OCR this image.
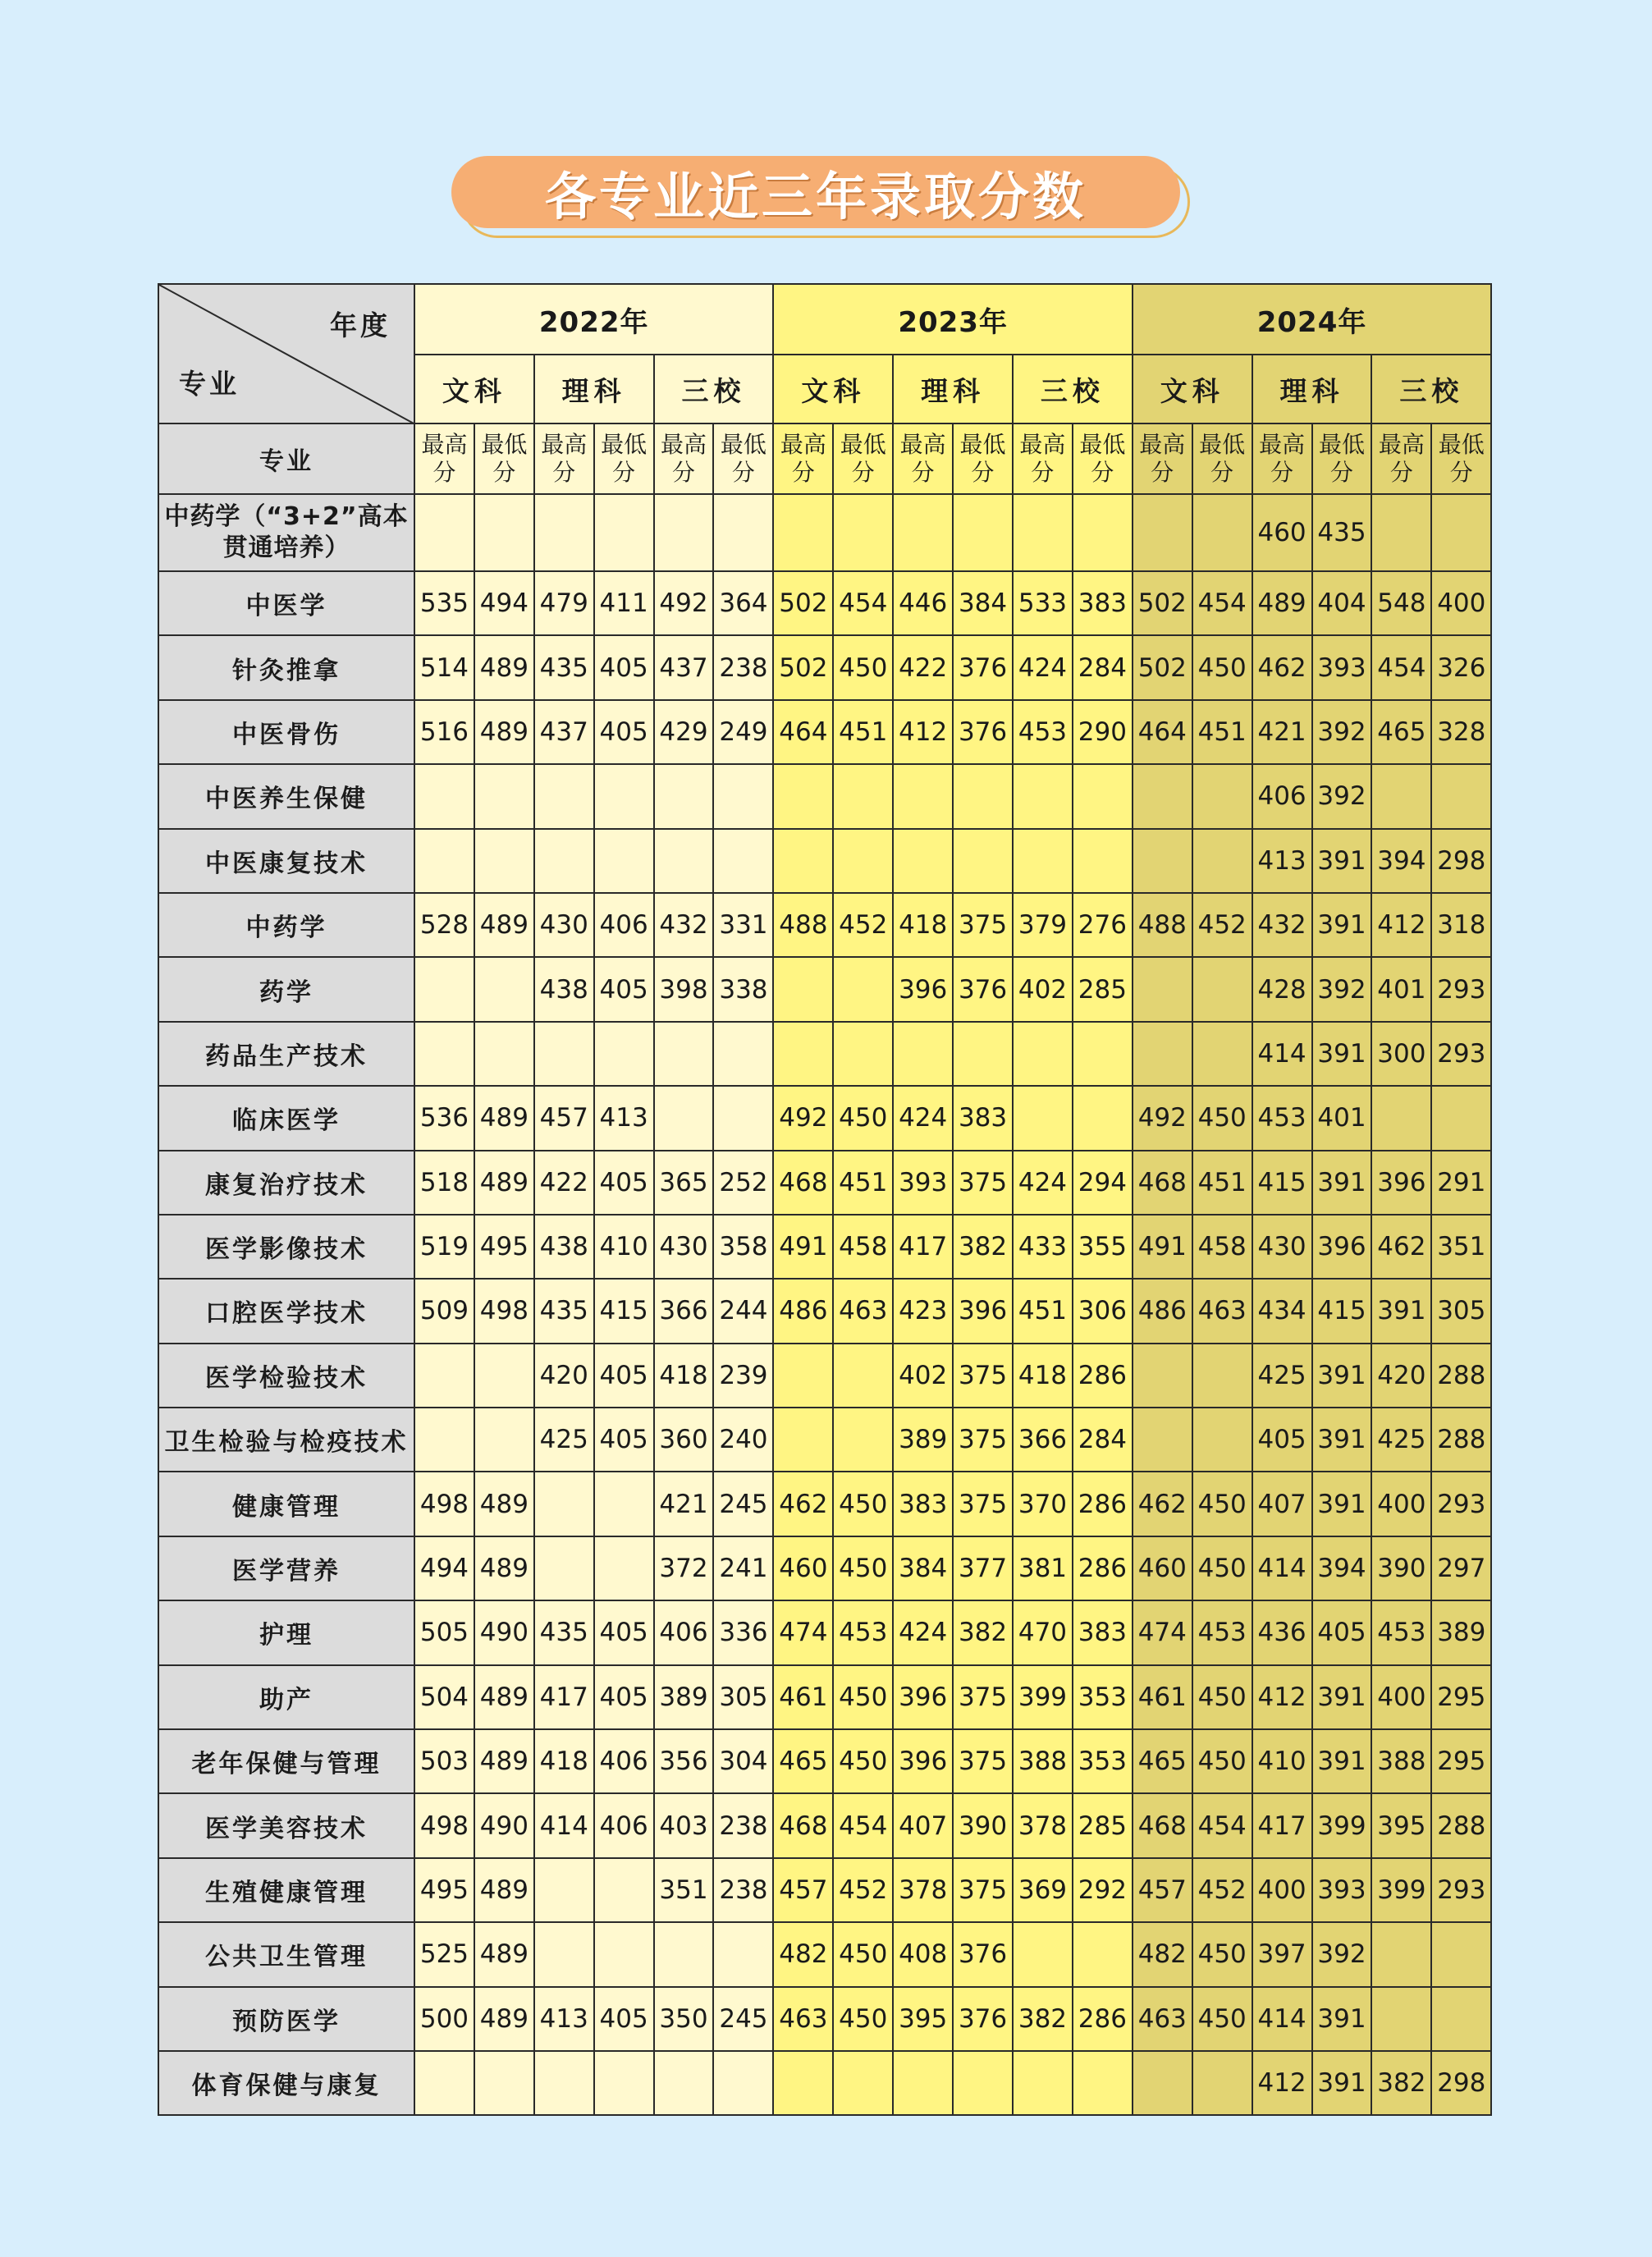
各专业近三年录取分数
年度
专业	2022年						2023年						2024年					
	文科		理科		三校		文科		理科		三校		文科		理科		三校	
专业	最高分	最低分	最高分	最低分	最高分	最低分	最高分	最低分	最高分	最低分	最高分	最低分	最高分	最低分	最高分	最低分	最高分	最低分
中药学（“3+2”高本贯通培养）															460	435		
中医学	535	494	479	411	492	364	502	454	446	384	533	383	502	454	489	404	548	400
针灸推拿	514	489	435	405	437	238	502	450	422	376	424	284	502	450	462	393	454	326
中医骨伤	516	489	437	405	429	249	464	451	412	376	453	290	464	451	421	392	465	328
中医养生保健															406	392		
中医康复技术															413	391	394	298
中药学	528	489	430	406	432	331	488	452	418	375	379	276	488	452	432	391	412	318
药学			438	405	398	338			396	376	402	285			428	392	401	293
药品生产技术															414	391	300	293
临床医学	536	489	457	413			492	450	424	383			492	450	453	401		
康复治疗技术	518	489	422	405	365	252	468	451	393	375	424	294	468	451	415	391	396	291
医学影像技术	519	495	438	410	430	358	491	458	417	382	433	355	491	458	430	396	462	351
口腔医学技术	509	498	435	415	366	244	486	463	423	396	451	306	486	463	434	415	391	305
医学检验技术			420	405	418	239			402	375	418	286			425	391	420	288
卫生检验与检疫技术			425	405	360	240			389	375	366	284			405	391	425	288
健康管理	498	489			421	245	462	450	383	375	370	286	462	450	407	391	400	293
医学营养	494	489			372	241	460	450	384	377	381	286	460	450	414	394	390	297
护理	505	490	435	405	406	336	474	453	424	382	470	383	474	453	436	405	453	389
助产	504	489	417	405	389	305	461	450	396	375	399	353	461	450	412	391	400	295
老年保健与管理	503	489	418	406	356	304	465	450	396	375	388	353	465	450	410	391	388	295
医学美容技术	498	490	414	406	403	238	468	454	407	390	378	285	468	454	417	399	395	288
生殖健康管理	495	489			351	238	457	452	378	375	369	292	457	452	400	393	399	293
公共卫生管理	525	489					482	450	408	376			482	450	397	392		
预防医学	500	489	413	405	350	245	463	450	395	376	382	286	463	450	414	391		
体育保健与康复															412	391	382	298
